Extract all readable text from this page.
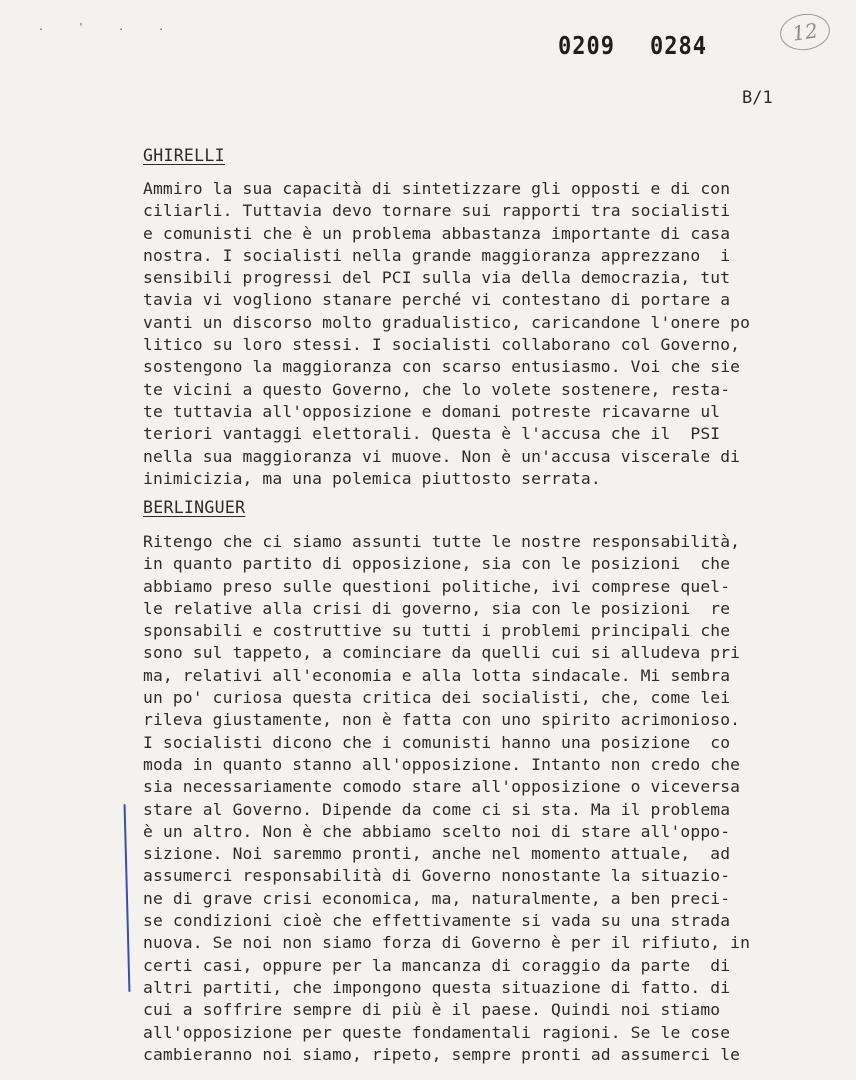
. ' . .
0209 0284
12
B/1
GHIRELLI
Ammiro la sua capacità di sintetizzare gli opposti e di con
ciliarli. Tuttavia devo tornare sui rapporti tra socialisti
e comunisti che è un problema abbastanza importante di casa
nostra. I socialisti nella grande maggioranza apprezzano  i
sensibili progressi del PCI sulla via della democrazia, tut
tavia vi vogliono stanare perché vi contestano di portare a
vanti un discorso molto gradualistico, caricandone l'onere po
litico su loro stessi. I socialisti collaborano col Governo,
sostengono la maggioranza con scarso entusiasmo. Voi che sie
te vicini a questo Governo, che lo volete sostenere, resta-
te tuttavia all'opposizione e domani potreste ricavarne ul
teriori vantaggi elettorali. Questa è l'accusa che il  PSI
nella sua maggioranza vi muove. Non è un'accusa viscerale di
inimicizia, ma una polemica piuttosto serrata.
BERLINGUER
Ritengo che ci siamo assunti tutte le nostre responsabilità,
in quanto partito di opposizione, sia con le posizioni  che
abbiamo preso sulle questioni politiche, ivi comprese quel-
le relative alla crisi di governo, sia con le posizioni  re
sponsabili e costruttive su tutti i problemi principali che
sono sul tappeto, a cominciare da quelli cui si alludeva pri
ma, relativi all'economia e alla lotta sindacale. Mi sembra
un po' curiosa questa critica dei socialisti, che, come lei
rileva giustamente, non è fatta con uno spirito acrimonioso.
I socialisti dicono che i comunisti hanno una posizione  co
moda in quanto stanno all'opposizione. Intanto non credo che
sia necessariamente comodo stare all'opposizione o viceversa
stare al Governo. Dipende da come ci si sta. Ma il problema
è un altro. Non è che abbiamo scelto noi di stare all'oppo-
sizione. Noi saremmo pronti, anche nel momento attuale,  ad
assumerci responsabilità di Governo nonostante la situazio-
ne di grave crisi economica, ma, naturalmente, a ben preci-
se condizioni cioè che effettivamente si vada su una strada
nuova. Se noi non siamo forza di Governo è per il rifiuto, in
certi casi, oppure per la mancanza di coraggio da parte  di
altri partiti, che impongono questa situazione di fatto. di
cui a soffrire sempre di più è il paese. Quindi noi stiamo
all'opposizione per queste fondamentali ragioni. Se le cose
cambieranno noi siamo, ripeto, sempre pronti ad assumerci le
